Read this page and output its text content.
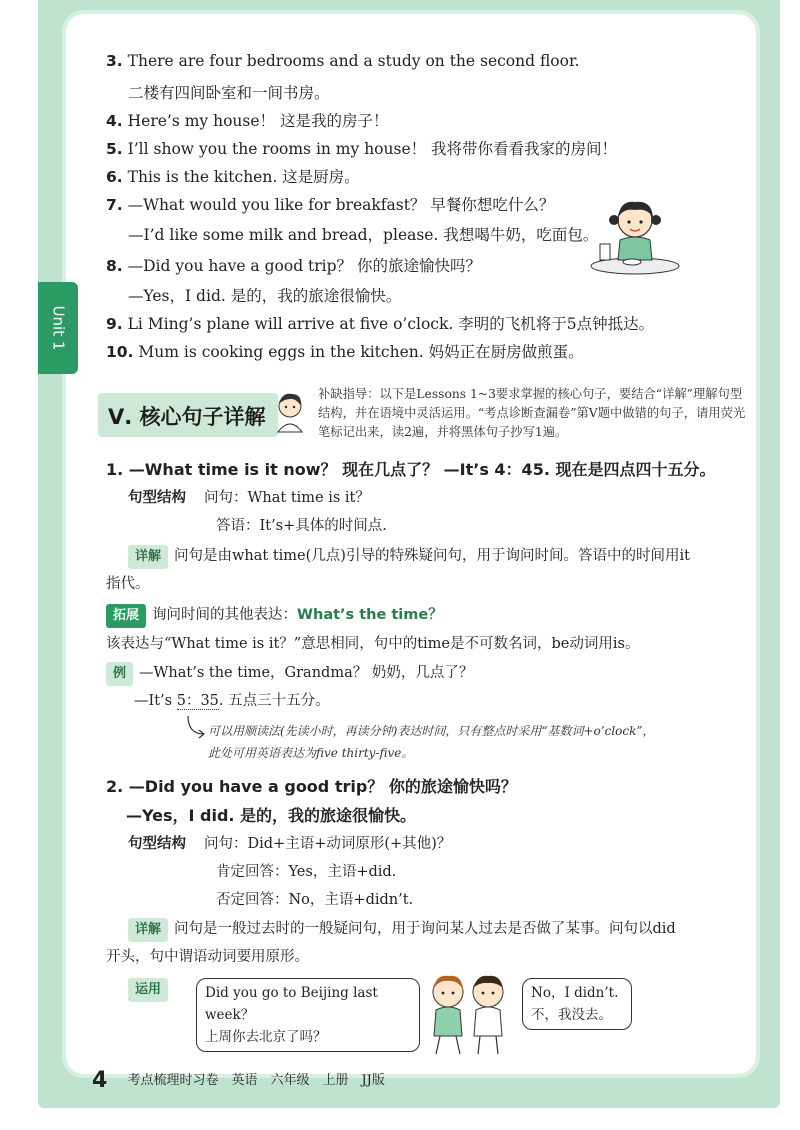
Unit 1
3. There are four bedrooms and a study on the second floor.
二楼有四间卧室和一间书房。
4. Here’s my house！ 这是我的房子！
5. I’ll show you the rooms in my house！ 我将带你看看我家的房间！
6. This is the kitchen. 这是厨房。
7. —What would you like for breakfast？ 早餐你想吃什么？
—I’d like some milk and bread，please. 我想喝牛奶，吃面包。
8. —Did you have a good trip？ 你的旅途愉快吗？
—Yes，I did. 是的，我的旅途很愉快。
9. Li Ming’s plane will arrive at five o’clock. 李明的飞机将于5点钟抵达。
10. Mum is cooking eggs in the kitchen. 妈妈正在厨房做煎蛋。
Ⅴ. 核心句子详解
补缺指导：以下是Lessons 1~3要求掌握的核心句子，要结合“详解”理解句型结构，并在语境中灵活运用。“考点诊断查漏卷”第Ⅴ题中做错的句子，请用荧光笔标记出来，读2遍，并将黑体句子抄写1遍。
1. —What time is it now？ 现在几点了？ —It’s 4：45. 现在是四点四十五分。
句型结构 问句：What time is it？
答语：It’s+具体的时间点.
详解 问句是由what time(几点)引导的特殊疑问句，用于询问时间。答语中的时间用it
指代。
拓展 询问时间的其他表达：What’s the time？
该表达与“What time is it？”意思相同，句中的time是不可数名词，be动词用is。
例 —What’s the time，Grandma？ 奶奶，几点了？
—It’s 5：35. 五点三十五分。
可以用顺读法(先读小时，再读分钟)表达时间，只有整点时采用“基数词+o’clock”，
此处可用英语表达为five thirty-five。
2. —Did you have a good trip？ 你的旅途愉快吗？
—Yes，I did. 是的，我的旅途很愉快。
句型结构 问句：Did+主语+动词原形(+其他)？
肯定回答：Yes，主语+did.
否定回答：No，主语+didn’t.
详解 问句是一般过去时的一般疑问句，用于询问某人过去是否做了某事。问句以did
开头，句中谓语动词要用原形。
运用	Did you go to Beijing last week？
上周你去北京了吗？
No，I didn’t.
不，我没去。
4 考点梳理时习卷　英语　六年级　上册　JJ版
